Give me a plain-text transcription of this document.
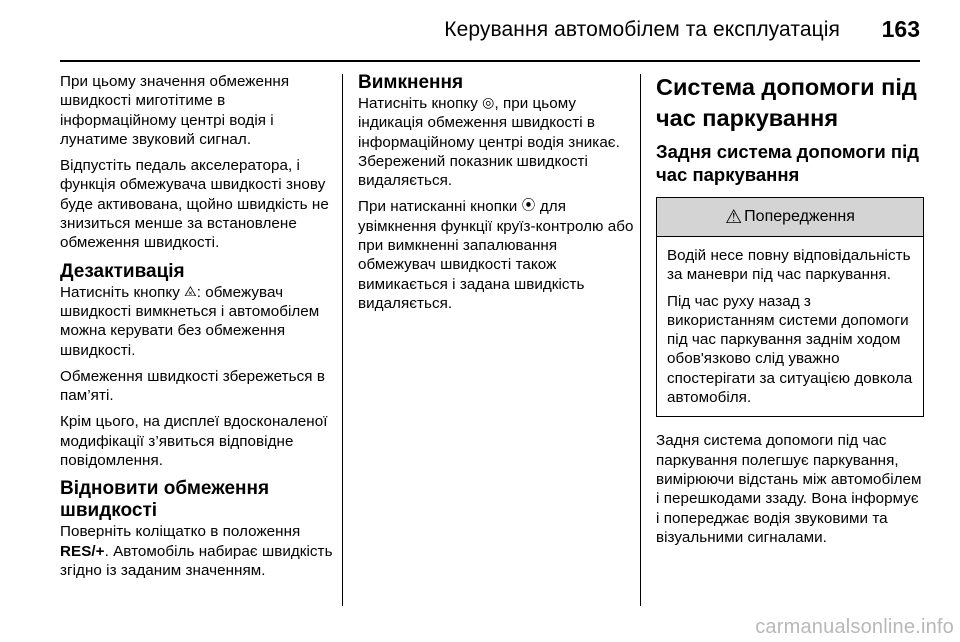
Керування автомобілем та експлуатація 163

При цьому значення обмеження швидкості миготітиме в інформаційному центрі водія і лунатиме звуковий сигнал.

Відпустіть педаль акселератора, і функція обмежувача швидкості знову буде активована, щойно швидкість не знизиться менше за встановлене обмеження швидкості.

Дезактивація

Натисніть кнопку ⨻: обмежувач швидкості вимкнеться і автомобілем можна керувати без обмеження швидкості.

Обмеження швидкості збережеться в пам’яті.

Крім цього, на дисплеї вдосконаленої модифікації з’явиться відповідне повідомлення.

Відновити обмеження швидкості

Поверніть коліщатко в положення RES/+. Автомобіль набирає швидкість згідно із заданим значенням.

Вимкнення

Натисніть кнопку ◎, при цьому індикація обмеження швидкості в інформаційному центрі водія зникає. Збережений показник швидкості видаляється.

При натисканні кнопки ⦿ для увімкнення функції круїз-контролю або при вимкненні запалювання обмежувач швидкості також вимикається і задана швидкість видаляється.

Система допомоги під час паркування
Задня система допомоги під час паркування
⚠ Попередження

Водій несе повну відповідальність за маневри під час паркування.

Під час руху назад з використанням системи допомоги під час паркування заднім ходом обов'язково слід уважно спостерігати за ситуацією довкола автомобіля.

Задня система допомоги під час паркування полегшує паркування, вимірюючи відстань між автомобілем і перешкодами ззаду. Вона інформує і попереджає водія звуковими та візуальними сигналами.

carmanualsonline.info
